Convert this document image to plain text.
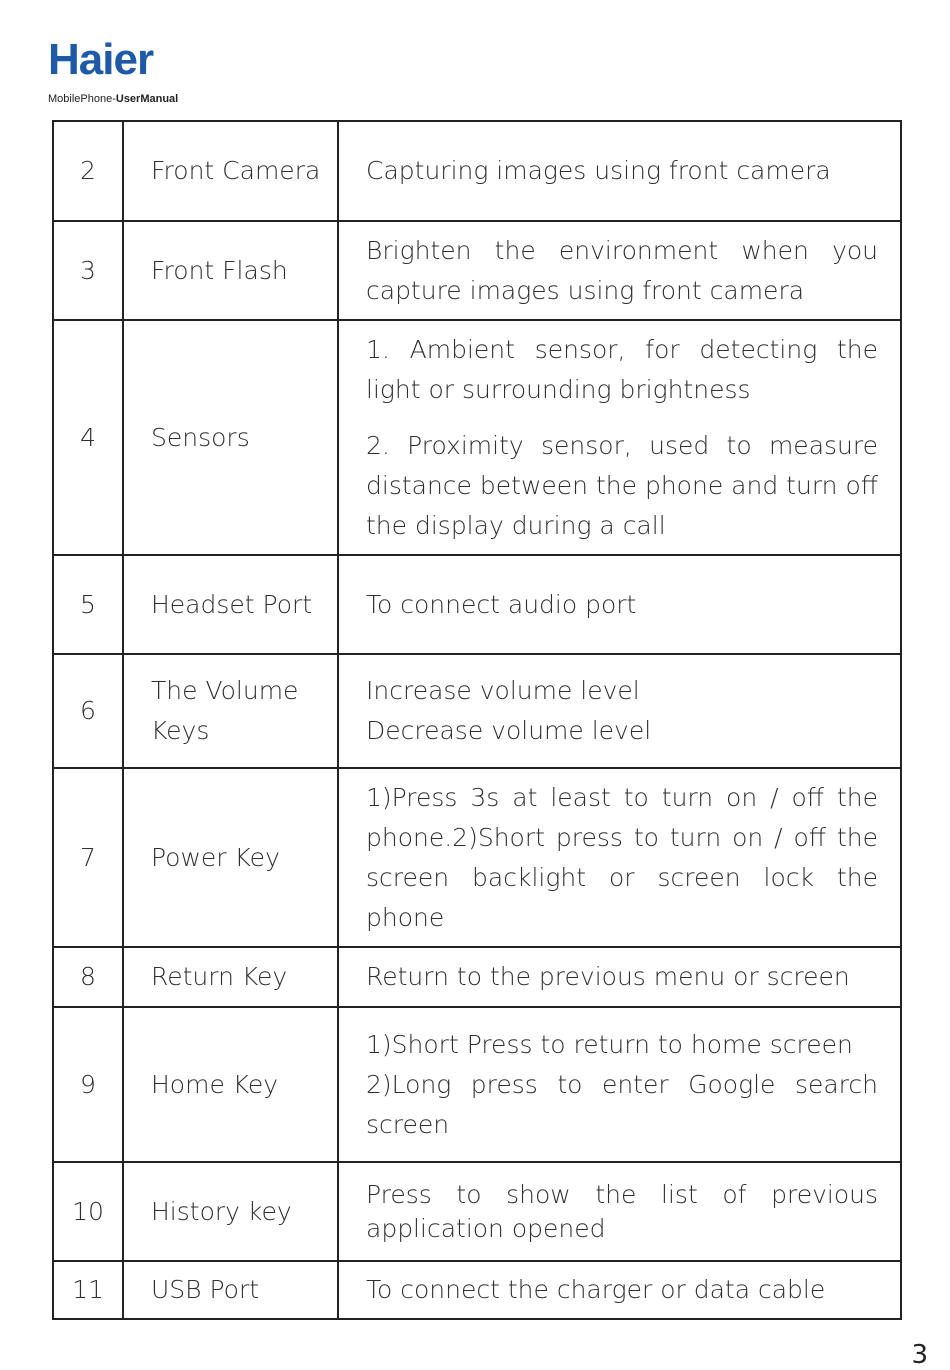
Haier
MobilePhone-UserManual
2	Front Camera	Capturing images using front camera

3	Front Flash	Brighten the environment when you capture images using front camera

4	Sensors	1. Ambient sensor, for detecting the light or surrounding brightness

2. Proximity sensor, used to measure distance between the phone and turn off the display during a call

5	Headset Port	To connect audio port

6	The Volume Keys	Increase volume level

Decrease volume level

7	Power Key	1)Press 3s at least to turn on / off the phone.2)Short press to turn on / off the screen backlight or screen lock the phone

8	Return Key	Return to the previous menu or screen

9	Home Key	1)Short Press to return to home screen

2)Long press to enter Google search screen

10	History key	Press to show the list of previous application opened

11	USB Port	To connect the charger or data cable

3
